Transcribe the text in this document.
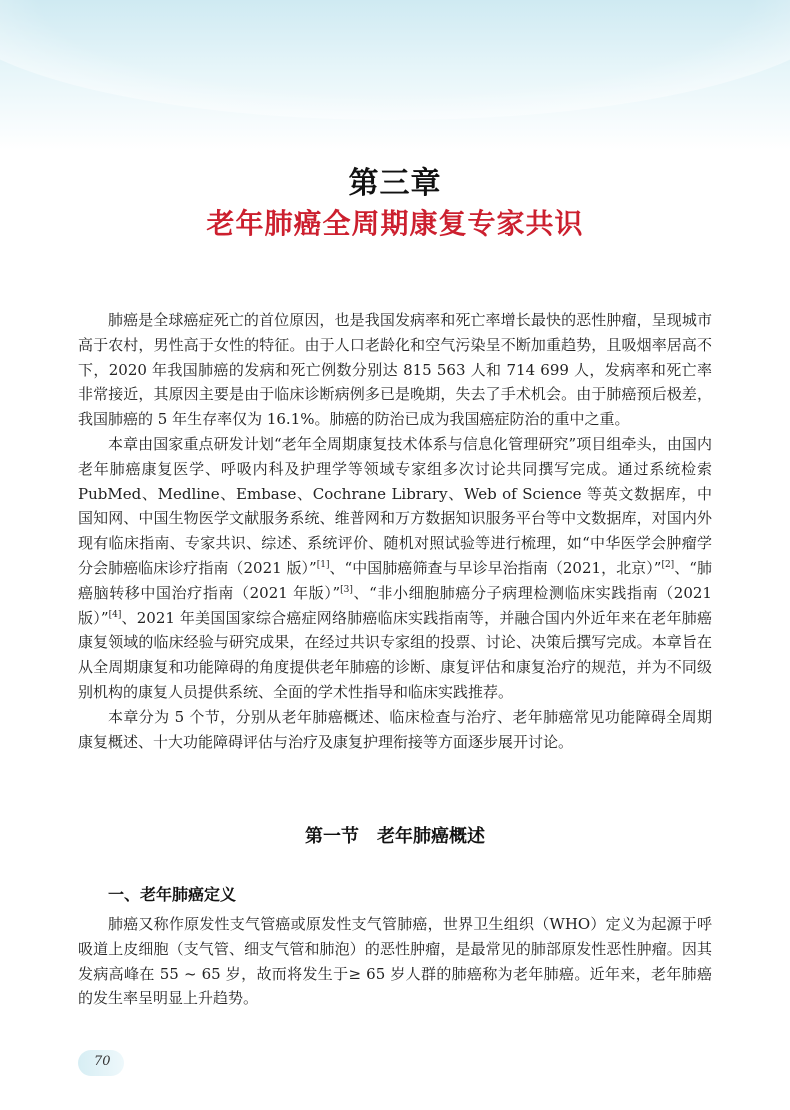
第三章
老年肺癌全周期康复专家共识

肺癌是全球癌症死亡的首位原因，也是我国发病率和死亡率增长最快的恶性肿瘤，呈现城市高于农村，男性高于女性的特征。由于人口老龄化和空气污染呈不断加重趋势，且吸烟率居高不下，2020 年我国肺癌的发病和死亡例数分别达 815 563 人和 714 699 人，发病率和死亡率非常接近，其原因主要是由于临床诊断病例多已是晚期，失去了手术机会。由于肺癌预后极差，我国肺癌的 5 年生存率仅为 16.1%。肺癌的防治已成为我国癌症防治的重中之重。

本章由国家重点研发计划“老年全周期康复技术体系与信息化管理研究”项目组牵头，由国内老年肺癌康复医学、呼吸内科及护理学等领域专家组多次讨论共同撰写完成。通过系统检索 PubMed、Medline、Embase、Cochrane Library、Web of Science 等英文数据库，中国知网、中国生物医学文献服务系统、维普网和万方数据知识服务平台等中文数据库，对国内外现有临床指南、专家共识、综述、系统评价、随机对照试验等进行梳理，如“中华医学会肿瘤学分会肺癌临床诊疗指南（2021 版）”[1]、“中国肺癌筛查与早诊早治指南（2021，北京）”[2]、“肺癌脑转移中国治疗指南（2021 年版）”[3]、“非小细胞肺癌分子病理检测临床实践指南（2021 版）”[4]、2021 年美国国家综合癌症网络肺癌临床实践指南等，并融合国内外近年来在老年肺癌康复领域的临床经验与研究成果，在经过共识专家组的投票、讨论、决策后撰写完成。本章旨在从全周期康复和功能障碍的角度提供老年肺癌的诊断、康复评估和康复治疗的规范，并为不同级别机构的康复人员提供系统、全面的学术性指导和临床实践推荐。

本章分为 5 个节，分别从老年肺癌概述、临床检查与治疗、老年肺癌常见功能障碍全周期康复概述、十大功能障碍评估与治疗及康复护理衔接等方面逐步展开讨论。

第一节　老年肺癌概述
一、老年肺癌定义

肺癌又称作原发性支气管癌或原发性支气管肺癌，世界卫生组织（WHO）定义为起源于呼吸道上皮细胞（支气管、细支气管和肺泡）的恶性肿瘤，是最常见的肺部原发性恶性肿瘤。因其发病高峰在 55 ~ 65 岁，故而将发生于≥ 65 岁人群的肺癌称为老年肺癌。近年来，老年肺癌的发生率呈明显上升趋势。

70
